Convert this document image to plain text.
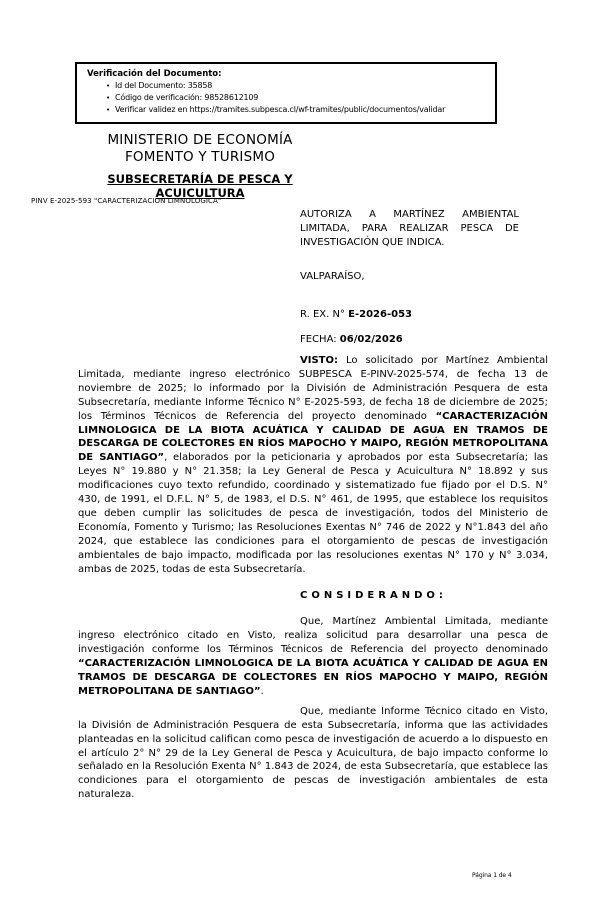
Verificación del Documento:
• Id del Documento: 35858
• Código de verificación: 98528612109
• Verificar validez en https://tramites.subpesca.cl/wf-tramites/public/documentos/validar
MINISTERIO DE ECONOMÍA
FOMENTO Y TURISMO
SUBSECRETARÍA DE PESCA Y
ACUICULTURA
PINV E-2025-593 "CARACTERIZACIÓN LIMNOLÓGICA"
AUTORIZA A MARTÍNEZ AMBIENTAL LIMITADA, PARA REALIZAR PESCA DE INVESTIGACIÓN QUE INDICA.
VALPARAÍSO,
R. EX. N° E-2026-053
FECHA: 06/02/2026
VISTO: Lo solicitado por Martínez Ambiental Limitada, mediante ingreso electrónico SUBPESCA E-PINV-2025-574, de fecha 13 de noviembre de 2025; lo informado por la División de Administración Pesquera de esta Subsecretaría, mediante Informe Técnico N° E-2025-593, de fecha 18 de diciembre de 2025; los Términos Técnicos de Referencia del proyecto denominado “CARACTERIZACIÓN LIMNOLOGICA DE LA BIOTA ACUÁTICA Y CALIDAD DE AGUA EN TRAMOS DE DESCARGA DE COLECTORES EN RÍOS MAPOCHO Y MAIPO, REGIÓN METROPOLITANA DE SANTIAGO”, elaborados por la peticionaria y aprobados por esta Subsecretaría; las Leyes N° 19.880 y N° 21.358; la Ley General de Pesca y Acuicultura N° 18.892 y sus modificaciones cuyo texto refundido, coordinado y sistematizado fue fijado por el D.S. N° 430, de 1991, el D.F.L. N° 5, de 1983, el D.S. N° 461, de 1995, que establece los requisitos que deben cumplir las solicitudes de pesca de investigación, todos del Ministerio de Economía, Fomento y Turismo; las Resoluciones Exentas N° 746 de 2022 y N°1.843 del año 2024, que establece las condiciones para el otorgamiento de pescas de investigación ambientales de bajo impacto, modificada por las resoluciones exentas N° 170 y N° 3.034, ambas de 2025, todas de esta Subsecretaría.
CONSIDERANDO:
Que, Martínez Ambiental Limitada, mediante ingreso electrónico citado en Visto, realiza solicitud para desarrollar una pesca de investigación conforme los Términos Técnicos de Referencia del proyecto denominado “CARACTERIZACIÓN LIMNOLOGICA DE LA BIOTA ACUÁTICA Y CALIDAD DE AGUA EN TRAMOS DE DESCARGA DE COLECTORES EN RÍOS MAPOCHO Y MAIPO, REGIÓN METROPOLITANA DE SANTIAGO”.
Que, mediante Informe Técnico citado en Visto, la División de Administración Pesquera de esta Subsecretaría, informa que las actividades planteadas en la solicitud califican como pesca de investigación de acuerdo a lo dispuesto en el artículo 2° N° 29 de la Ley General de Pesca y Acuicultura, de bajo impacto conforme lo señalado en la Resolución Exenta N° 1.843 de 2024, de esta Subsecretaría, que establece las condiciones para el otorgamiento de pescas de investigación ambientales de esta naturaleza.
Página 1 de 4
